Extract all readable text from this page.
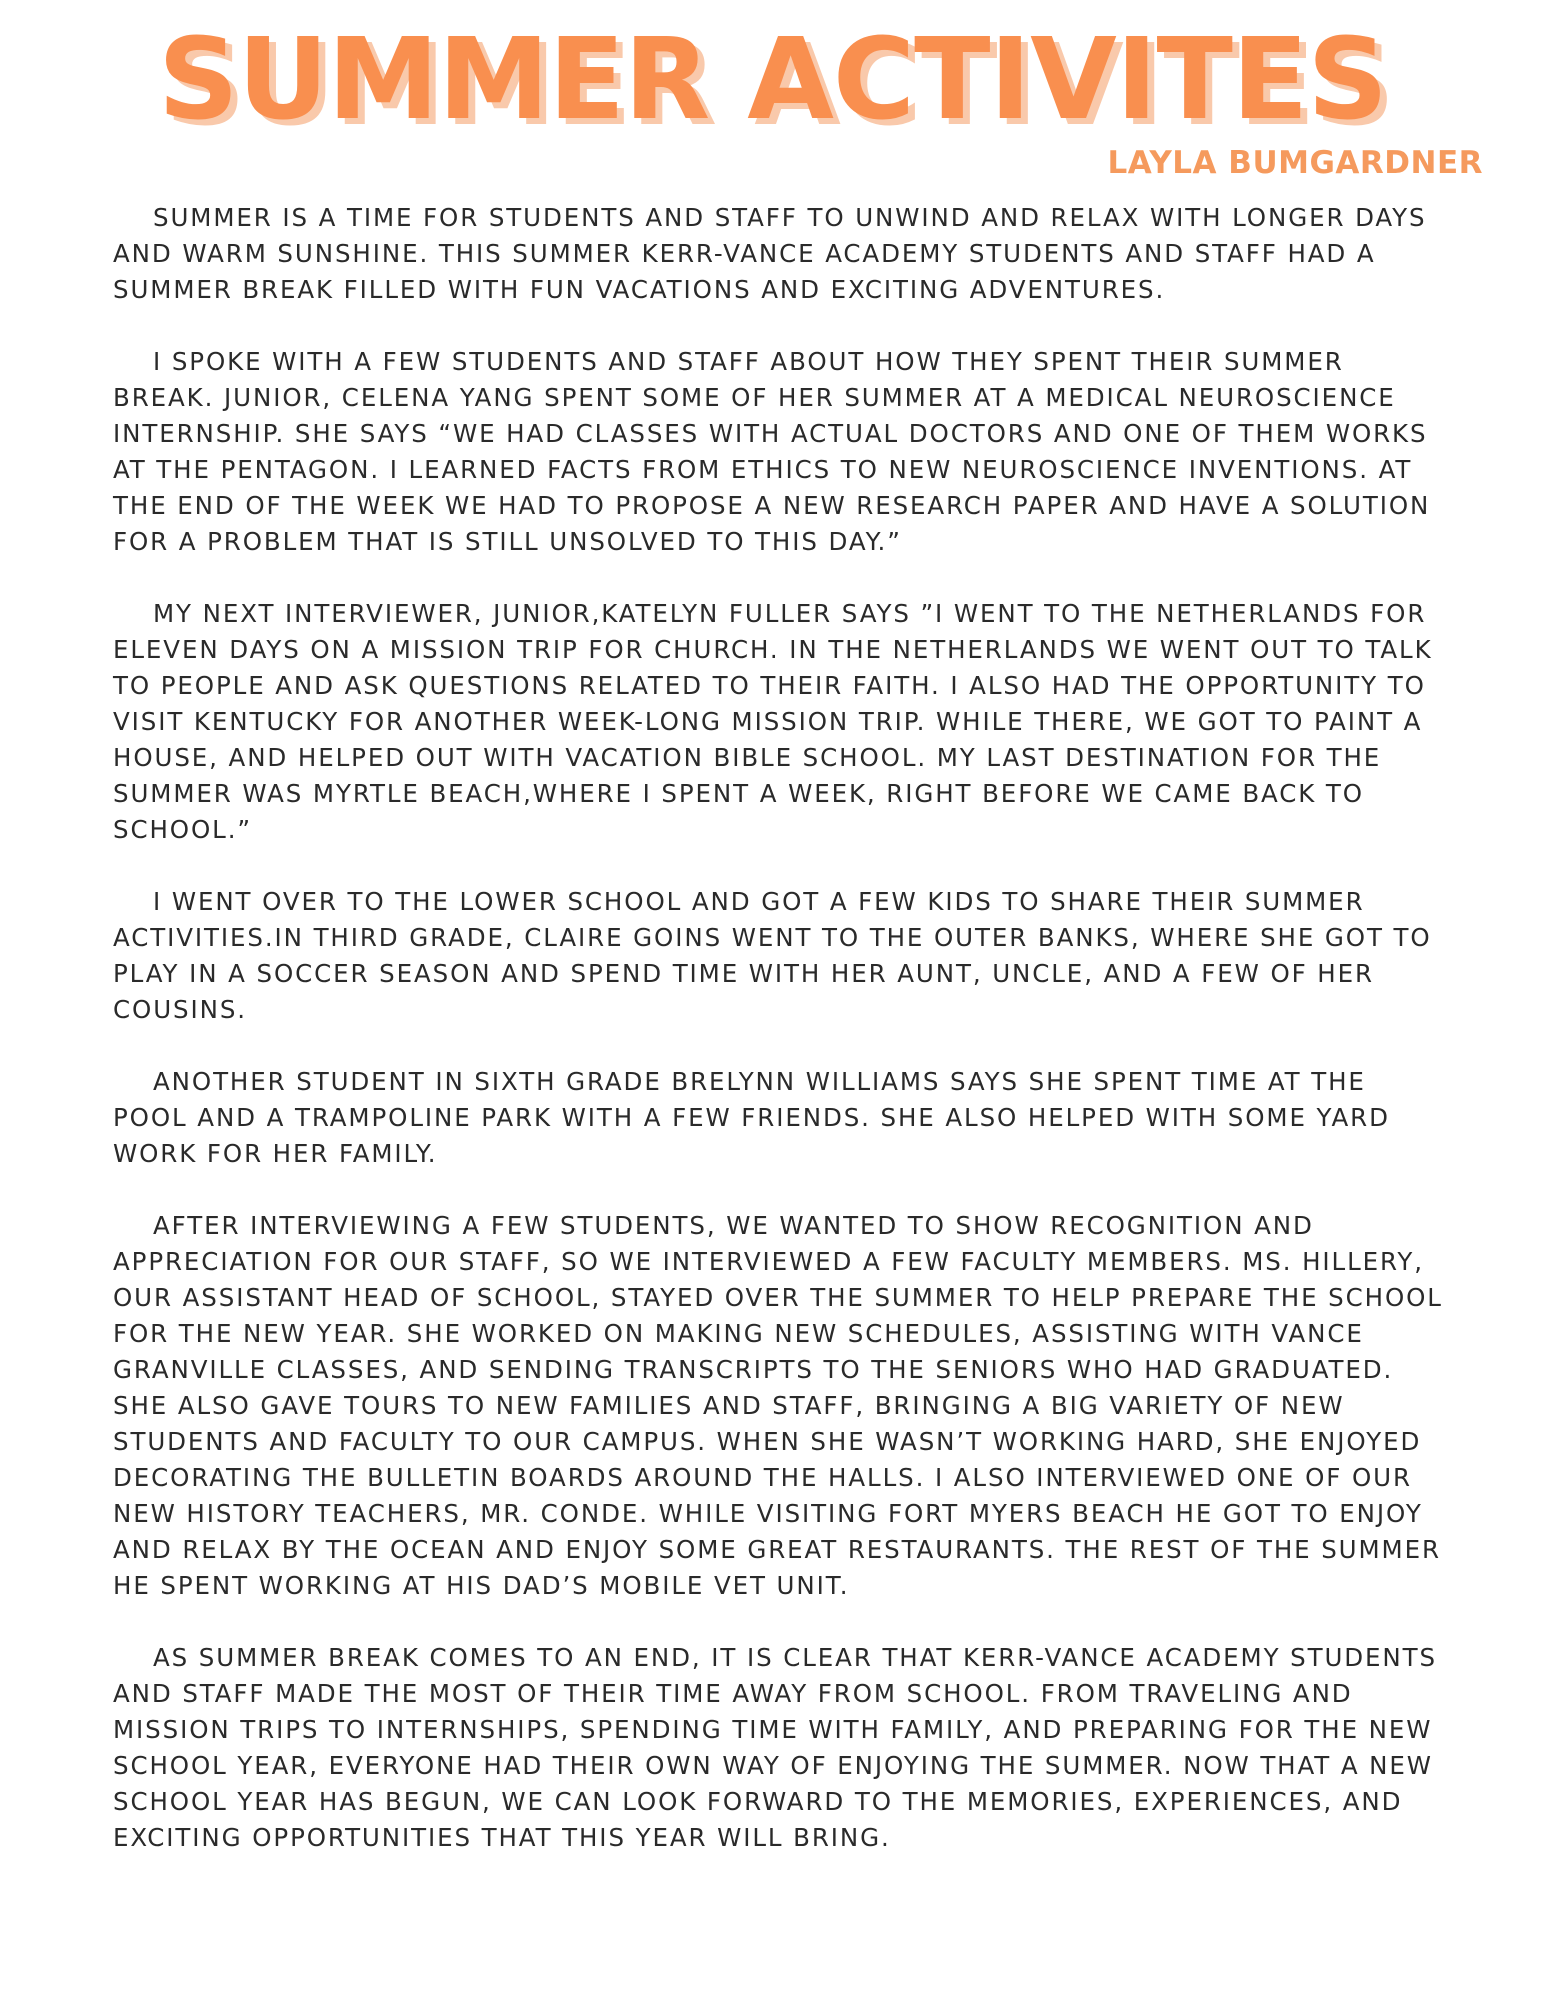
SUMMER ACTIVITES
LAYLA BUMGARDNER

SUMMER IS A TIME FOR STUDENTS AND STAFF TO UNWIND AND RELAX WITH LONGER DAYS AND WARM SUNSHINE. THIS SUMMER KERR-VANCE ACADEMY STUDENTS AND STAFF HAD A SUMMER BREAK FILLED WITH FUN VACATIONS AND EXCITING ADVENTURES.

I SPOKE WITH A FEW STUDENTS AND STAFF ABOUT HOW THEY SPENT THEIR SUMMER BREAK. JUNIOR, CELENA YANG SPENT SOME OF HER SUMMER AT A MEDICAL NEUROSCIENCE INTERNSHIP. SHE SAYS “WE HAD CLASSES WITH ACTUAL DOCTORS AND ONE OF THEM WORKS AT THE PENTAGON. I LEARNED FACTS FROM ETHICS TO NEW NEUROSCIENCE INVENTIONS. AT THE END OF THE WEEK WE HAD TO PROPOSE A NEW RESEARCH PAPER AND HAVE A SOLUTION FOR A PROBLEM THAT IS STILL UNSOLVED TO THIS DAY.”

MY NEXT INTERVIEWER, JUNIOR,KATELYN FULLER SAYS ”I WENT TO THE NETHERLANDS FOR ELEVEN DAYS ON A MISSION TRIP FOR CHURCH. IN THE NETHERLANDS WE WENT OUT TO TALK TO PEOPLE AND ASK QUESTIONS RELATED TO THEIR FAITH. I ALSO HAD THE OPPORTUNITY TO VISIT KENTUCKY FOR ANOTHER WEEK-LONG MISSION TRIP. WHILE THERE, WE GOT TO PAINT A HOUSE, AND HELPED OUT WITH VACATION BIBLE SCHOOL. MY LAST DESTINATION FOR THE SUMMER WAS MYRTLE BEACH,WHERE I SPENT A WEEK, RIGHT BEFORE WE CAME BACK TO SCHOOL.”

I WENT OVER TO THE LOWER SCHOOL AND GOT A FEW KIDS TO SHARE THEIR SUMMER ACTIVITIES.IN THIRD GRADE, CLAIRE GOINS WENT TO THE OUTER BANKS, WHERE SHE GOT TO PLAY IN A SOCCER SEASON AND SPEND TIME WITH HER AUNT, UNCLE, AND A FEW OF HER COUSINS.

ANOTHER STUDENT IN SIXTH GRADE BRELYNN WILLIAMS SAYS SHE SPENT TIME AT THE POOL AND A TRAMPOLINE PARK WITH A FEW FRIENDS. SHE ALSO HELPED WITH SOME YARD WORK FOR HER FAMILY.

AFTER INTERVIEWING A FEW STUDENTS, WE WANTED TO SHOW RECOGNITION AND APPRECIATION FOR OUR STAFF, SO WE INTERVIEWED A FEW FACULTY MEMBERS. MS. HILLERY, OUR ASSISTANT HEAD OF SCHOOL, STAYED OVER THE SUMMER TO HELP PREPARE THE SCHOOL FOR THE NEW YEAR. SHE WORKED ON MAKING NEW SCHEDULES, ASSISTING WITH VANCE GRANVILLE CLASSES, AND SENDING TRANSCRIPTS TO THE SENIORS WHO HAD GRADUATED. SHE ALSO GAVE TOURS TO NEW FAMILIES AND STAFF, BRINGING A BIG VARIETY OF NEW STUDENTS AND FACULTY TO OUR CAMPUS. WHEN SHE WASN’T WORKING HARD, SHE ENJOYED DECORATING THE BULLETIN BOARDS AROUND THE HALLS. I ALSO INTERVIEWED ONE OF OUR NEW HISTORY TEACHERS, MR. CONDE. WHILE VISITING FORT MYERS BEACH HE GOT TO ENJOY AND RELAX BY THE OCEAN AND ENJOY SOME GREAT RESTAURANTS. THE REST OF THE SUMMER HE SPENT WORKING AT HIS DAD’S MOBILE VET UNIT.

AS SUMMER BREAK COMES TO AN END, IT IS CLEAR THAT KERR-VANCE ACADEMY STUDENTS AND STAFF MADE THE MOST OF THEIR TIME AWAY FROM SCHOOL. FROM TRAVELING AND MISSION TRIPS TO INTERNSHIPS, SPENDING TIME WITH FAMILY, AND PREPARING FOR THE NEW SCHOOL YEAR, EVERYONE HAD THEIR OWN WAY OF ENJOYING THE SUMMER. NOW THAT A NEW SCHOOL YEAR HAS BEGUN, WE CAN LOOK FORWARD TO THE MEMORIES, EXPERIENCES, AND EXCITING OPPORTUNITIES THAT THIS YEAR WILL BRING.
